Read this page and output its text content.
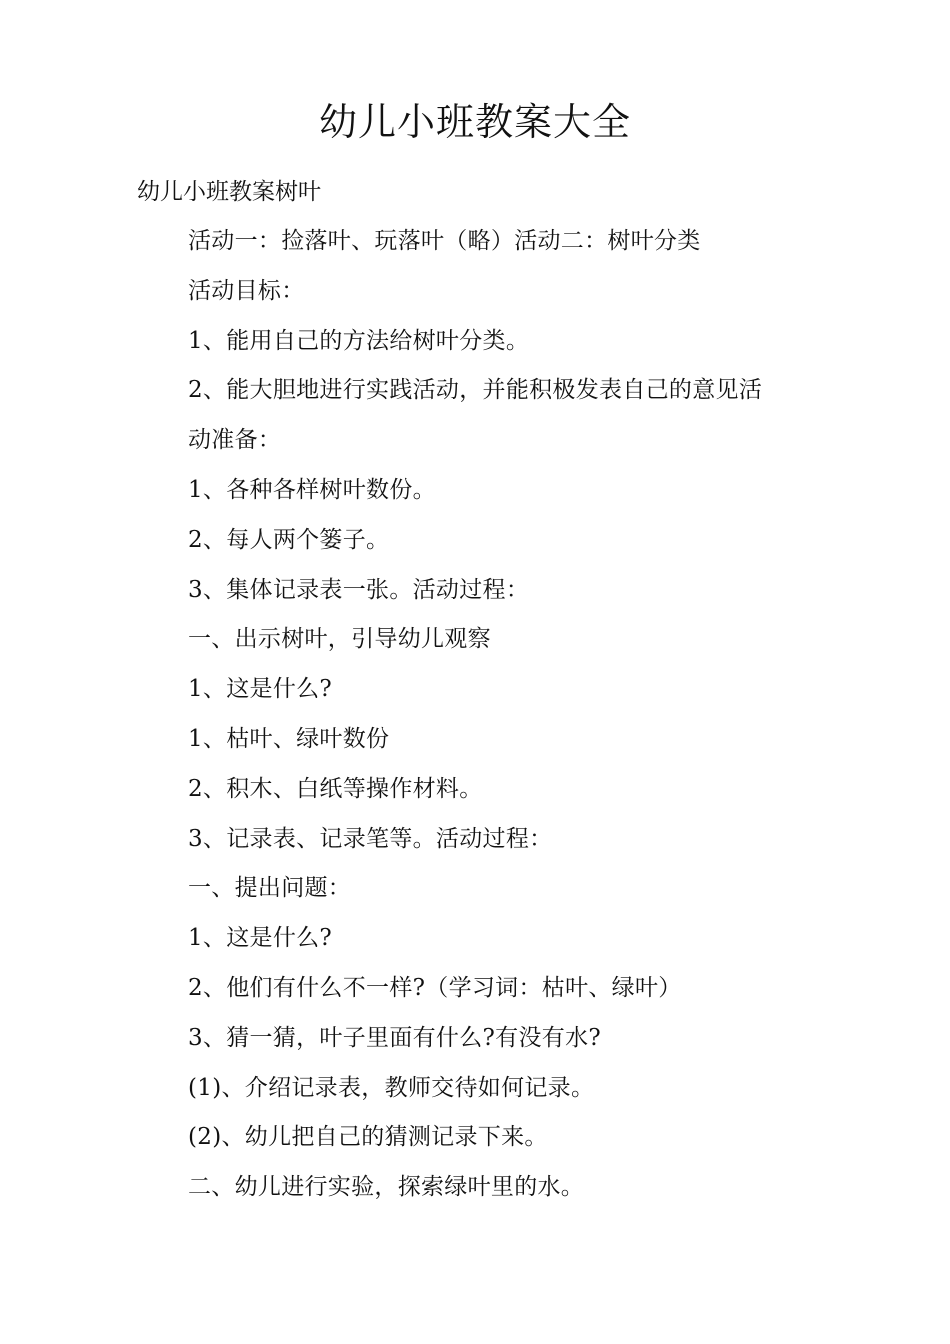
幼儿小班教案大全
幼儿小班教案树叶
活动一：捡落叶、玩落叶（略）活动二：树叶分类
活动目标：
1、能用自己的方法给树叶分类。
2、能大胆地进行实践活动，并能积极发表自己的意见活
动准备：
1、各种各样树叶数份。
2、每人两个篓子。
3、集体记录表一张。活动过程：
一、出示树叶，引导幼儿观察
1、这是什么?
1、枯叶、绿叶数份
2、积木、白纸等操作材料。
3、记录表、记录笔等。活动过程：
一、提出问题：
1、这是什么?
2、他们有什么不一样?（学习词：枯叶、绿叶）
3、猜一猜，叶子里面有什么?有没有水?
(1)、介绍记录表，教师交待如何记录。
(2)、幼儿把自己的猜测记录下来。
二、幼儿进行实验，探索绿叶里的水。
